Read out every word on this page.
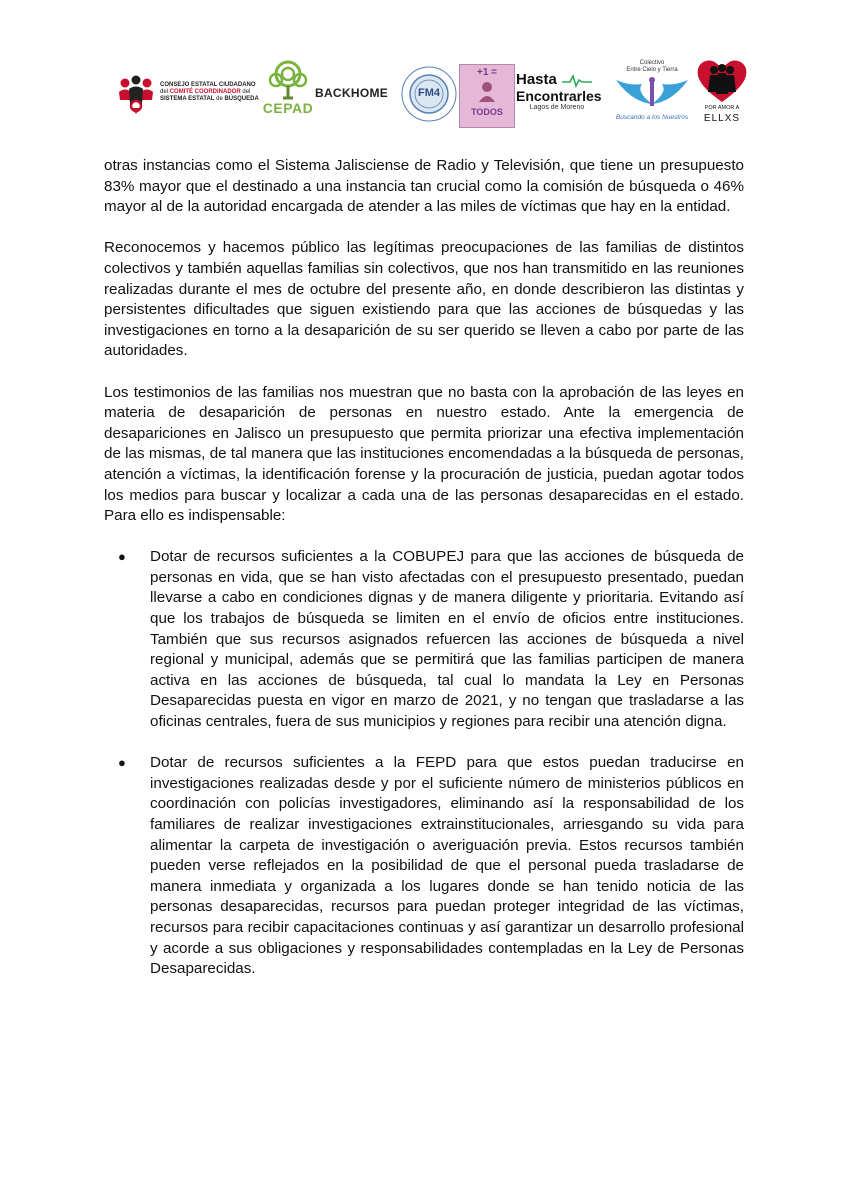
CONSEJO ESTATAL CIUDADANO
del COMITÉ COORDINADOR del
SISTEMA ESTATAL de BÚSQUEDA
CEPAD
BACKHOME	FM4
+1 =
TODOS
Hasta
Encontrarles
Lagos de Moreno
Colectivo
Entre Cielo y Tierra
Buscando a los Nuestros
POR AMOR A
ELLXS

otras instancias como el Sistema Jalisciense de Radio y Televisión, que tiene un presupuesto 83% mayor que el destinado a una instancia tan crucial como la comisión de búsqueda o 46% mayor al de la autoridad encargada de atender a las miles de víctimas que hay en la entidad.

Reconocemos y hacemos público las legítimas preocupaciones de las familias de distintos colectivos y también aquellas familias sin colectivos, que nos han transmitido en las reuniones realizadas durante el mes de octubre del presente año, en donde describieron las distintas y persistentes dificultades que siguen existiendo para que las acciones de búsquedas y las investigaciones en torno a la desaparición de su ser querido se lleven a cabo por parte de las autoridades.

Los testimonios de las familias nos muestran que no basta con la aprobación de las leyes en materia de desaparición de personas en nuestro estado. Ante la emergencia de desapariciones en Jalisco un presupuesto que permita priorizar una efectiva implementación de las mismas, de tal manera que las instituciones encomendadas a la búsqueda de personas, atención a víctimas, la identificación forense y la procuración de justicia, puedan agotar todos los medios para buscar y localizar a cada una de las personas desaparecidas en el estado. Para ello es indispensable:

● Dotar de recursos suficientes a la COBUPEJ para que las acciones de búsqueda de personas en vida, que se han visto afectadas con el presupuesto presentado, puedan llevarse a cabo en condiciones dignas y de manera diligente y prioritaria. Evitando así que los trabajos de búsqueda se limiten en el envío de oficios entre instituciones. También que sus recursos asignados refuercen las acciones de búsqueda a nivel regional y municipal, además que se permitirá que las familias participen de manera activa en las acciones de búsqueda, tal cual lo mandata la Ley en Personas Desaparecidas puesta en vigor en marzo de 2021, y no tengan que trasladarse a las oficinas centrales, fuera de sus municipios y regiones para recibir una atención digna.
● Dotar de recursos suficientes a la FEPD para que estos puedan traducirse en investigaciones realizadas desde y por el suficiente número de ministerios públicos en coordinación con policías investigadores, eliminando así la responsabilidad de los familiares de realizar investigaciones extrainstitucionales, arriesgando su vida para alimentar la carpeta de investigación o averiguación previa. Estos recursos también pueden verse reflejados en la posibilidad de que el personal pueda trasladarse de manera inmediata y organizada a los lugares donde se han tenido noticia de las personas desaparecidas, recursos para puedan proteger integridad de las víctimas, recursos para recibir capacitaciones continuas y así garantizar un desarrollo profesional y acorde a sus obligaciones y responsabilidades contempladas en la Ley de Personas Desaparecidas.
